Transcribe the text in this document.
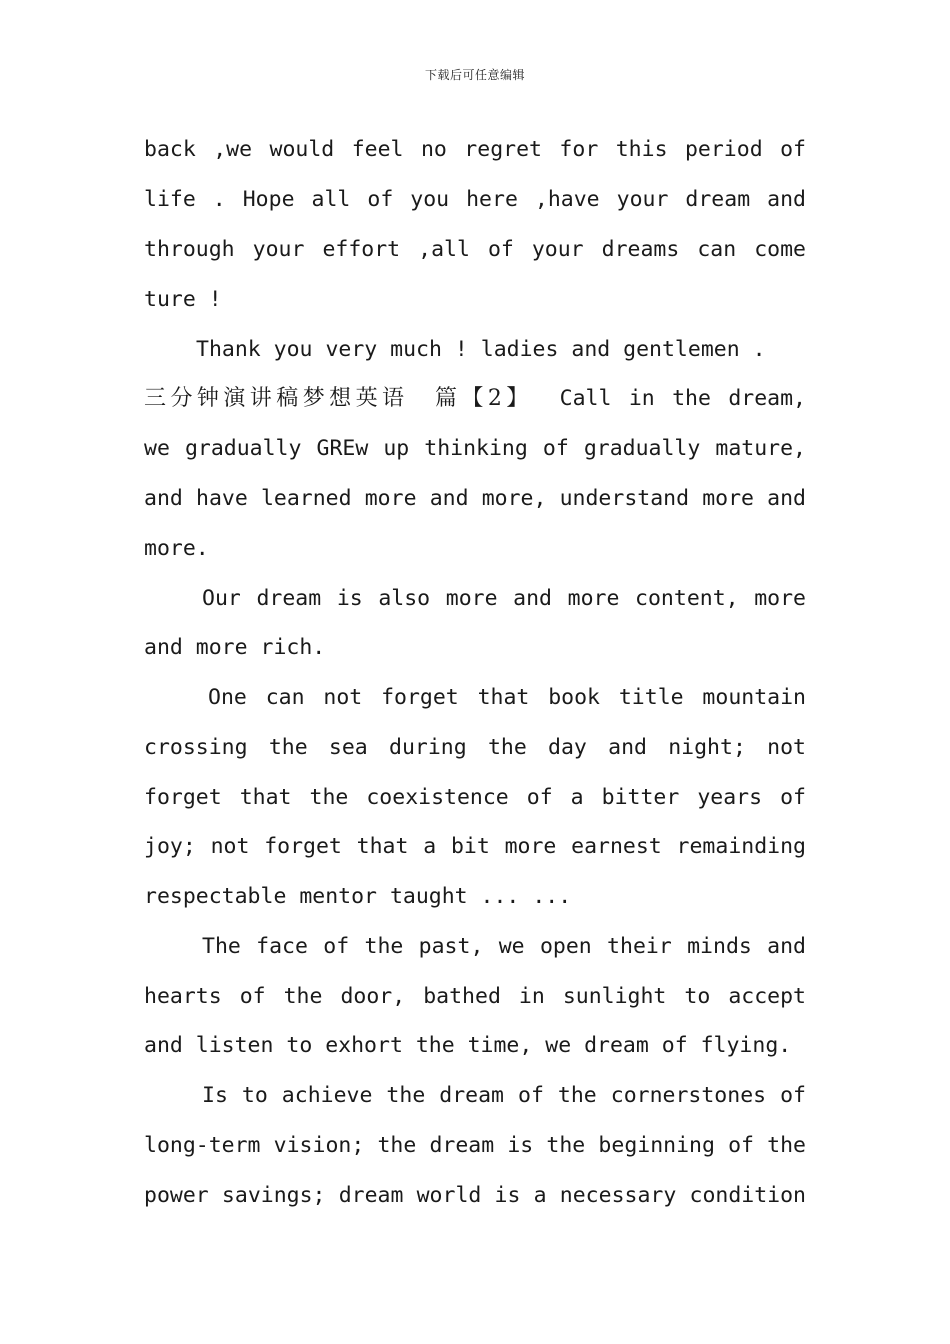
下载后可任意编辑
back ,we would feel no regret for this period of
life . Hope all of you here ,have your dream and
through your effort ,all of your dreams can come
ture !
Thank you very much ! ladies and gentlemen .
三分钟演讲稿梦想英语　篇【2】　 Call in the dream,
we gradually GREw up thinking of gradually mature,
and have learned more and more, understand more and
more.
Our dream is also more and more content, more
and more rich.
One can not forget that book title mountain
crossing the sea during the day and night; not
forget that the coexistence of a bitter years of
joy; not forget that a bit more earnest remainding
respectable mentor taught ... ...
The face of the past, we open their minds and
hearts of the door, bathed in sunlight to accept
and listen to exhort the time, we dream of flying.
Is to achieve the dream of the cornerstones of
long-term vision; the dream is the beginning of the
power savings; dream world is a necessary condition
